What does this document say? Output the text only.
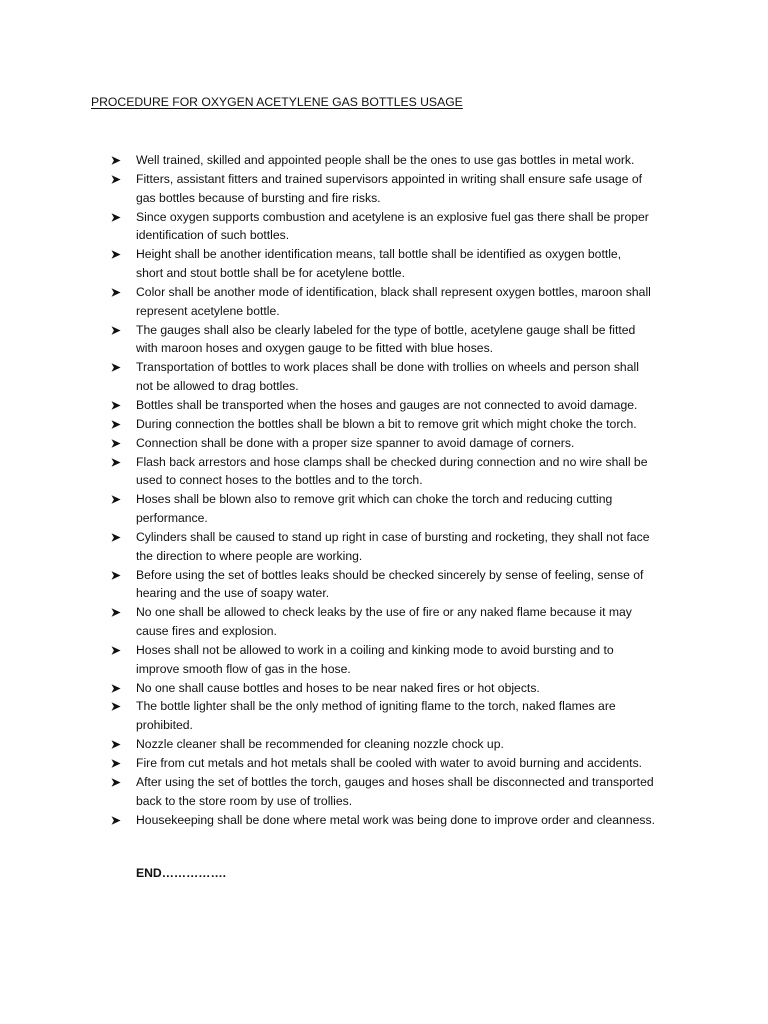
PROCEDURE FOR OXYGEN ACETYLENE GAS BOTTLES USAGE
Well trained, skilled and appointed people shall be the ones to use gas bottles in metal work.
Fitters, assistant fitters and trained supervisors appointed in writing shall ensure safe usage of
gas bottles because of bursting and fire risks.
Since oxygen supports combustion and acetylene is an explosive fuel gas there shall be proper
identification of such bottles.
Height shall be another identification means, tall bottle shall be identified as oxygen bottle,
short and stout bottle shall be for acetylene bottle.
Color shall be another mode of identification, black shall represent oxygen bottles, maroon shall
represent acetylene bottle.
The gauges shall also be clearly labeled for the type of bottle, acetylene gauge shall be fitted
with maroon hoses and oxygen gauge to be fitted with blue hoses.
Transportation of bottles to work places shall be done with trollies on wheels and person shall
not be allowed to drag bottles.
Bottles shall be transported when the hoses and gauges are not connected to avoid damage.
During connection the bottles shall be blown a bit to remove grit which might choke the torch.
Connection shall be done with a proper size spanner to avoid damage of corners.
Flash back arrestors and hose clamps shall be checked during connection and no wire shall be
used to connect hoses to the bottles and to the torch.
Hoses shall be blown also to remove grit which can choke the torch and reducing cutting
performance.
Cylinders shall be caused to stand up right in case of bursting and rocketing, they shall not face
the direction to where people are working.
Before using the set of bottles leaks should be checked sincerely by sense of feeling, sense of
hearing and the use of soapy water.
No one shall be allowed to check leaks by the use of fire or any naked flame because it may
cause fires and explosion.
Hoses shall not be allowed to work in a coiling and kinking mode to avoid bursting and to
improve smooth flow of gas in the hose.
No one shall cause bottles and hoses to be near naked fires or hot objects.
The bottle lighter shall be the only method of igniting flame to the torch, naked flames are
prohibited.
Nozzle cleaner shall be recommended for cleaning nozzle chock up.
Fire from cut metals and hot metals shall be cooled with water to avoid burning and accidents.
After using the set of bottles the torch, gauges and hoses shall be disconnected and transported
back to the store room by use of trollies.
Housekeeping shall be done where metal work was being done to improve order and cleanness.
END…………….
